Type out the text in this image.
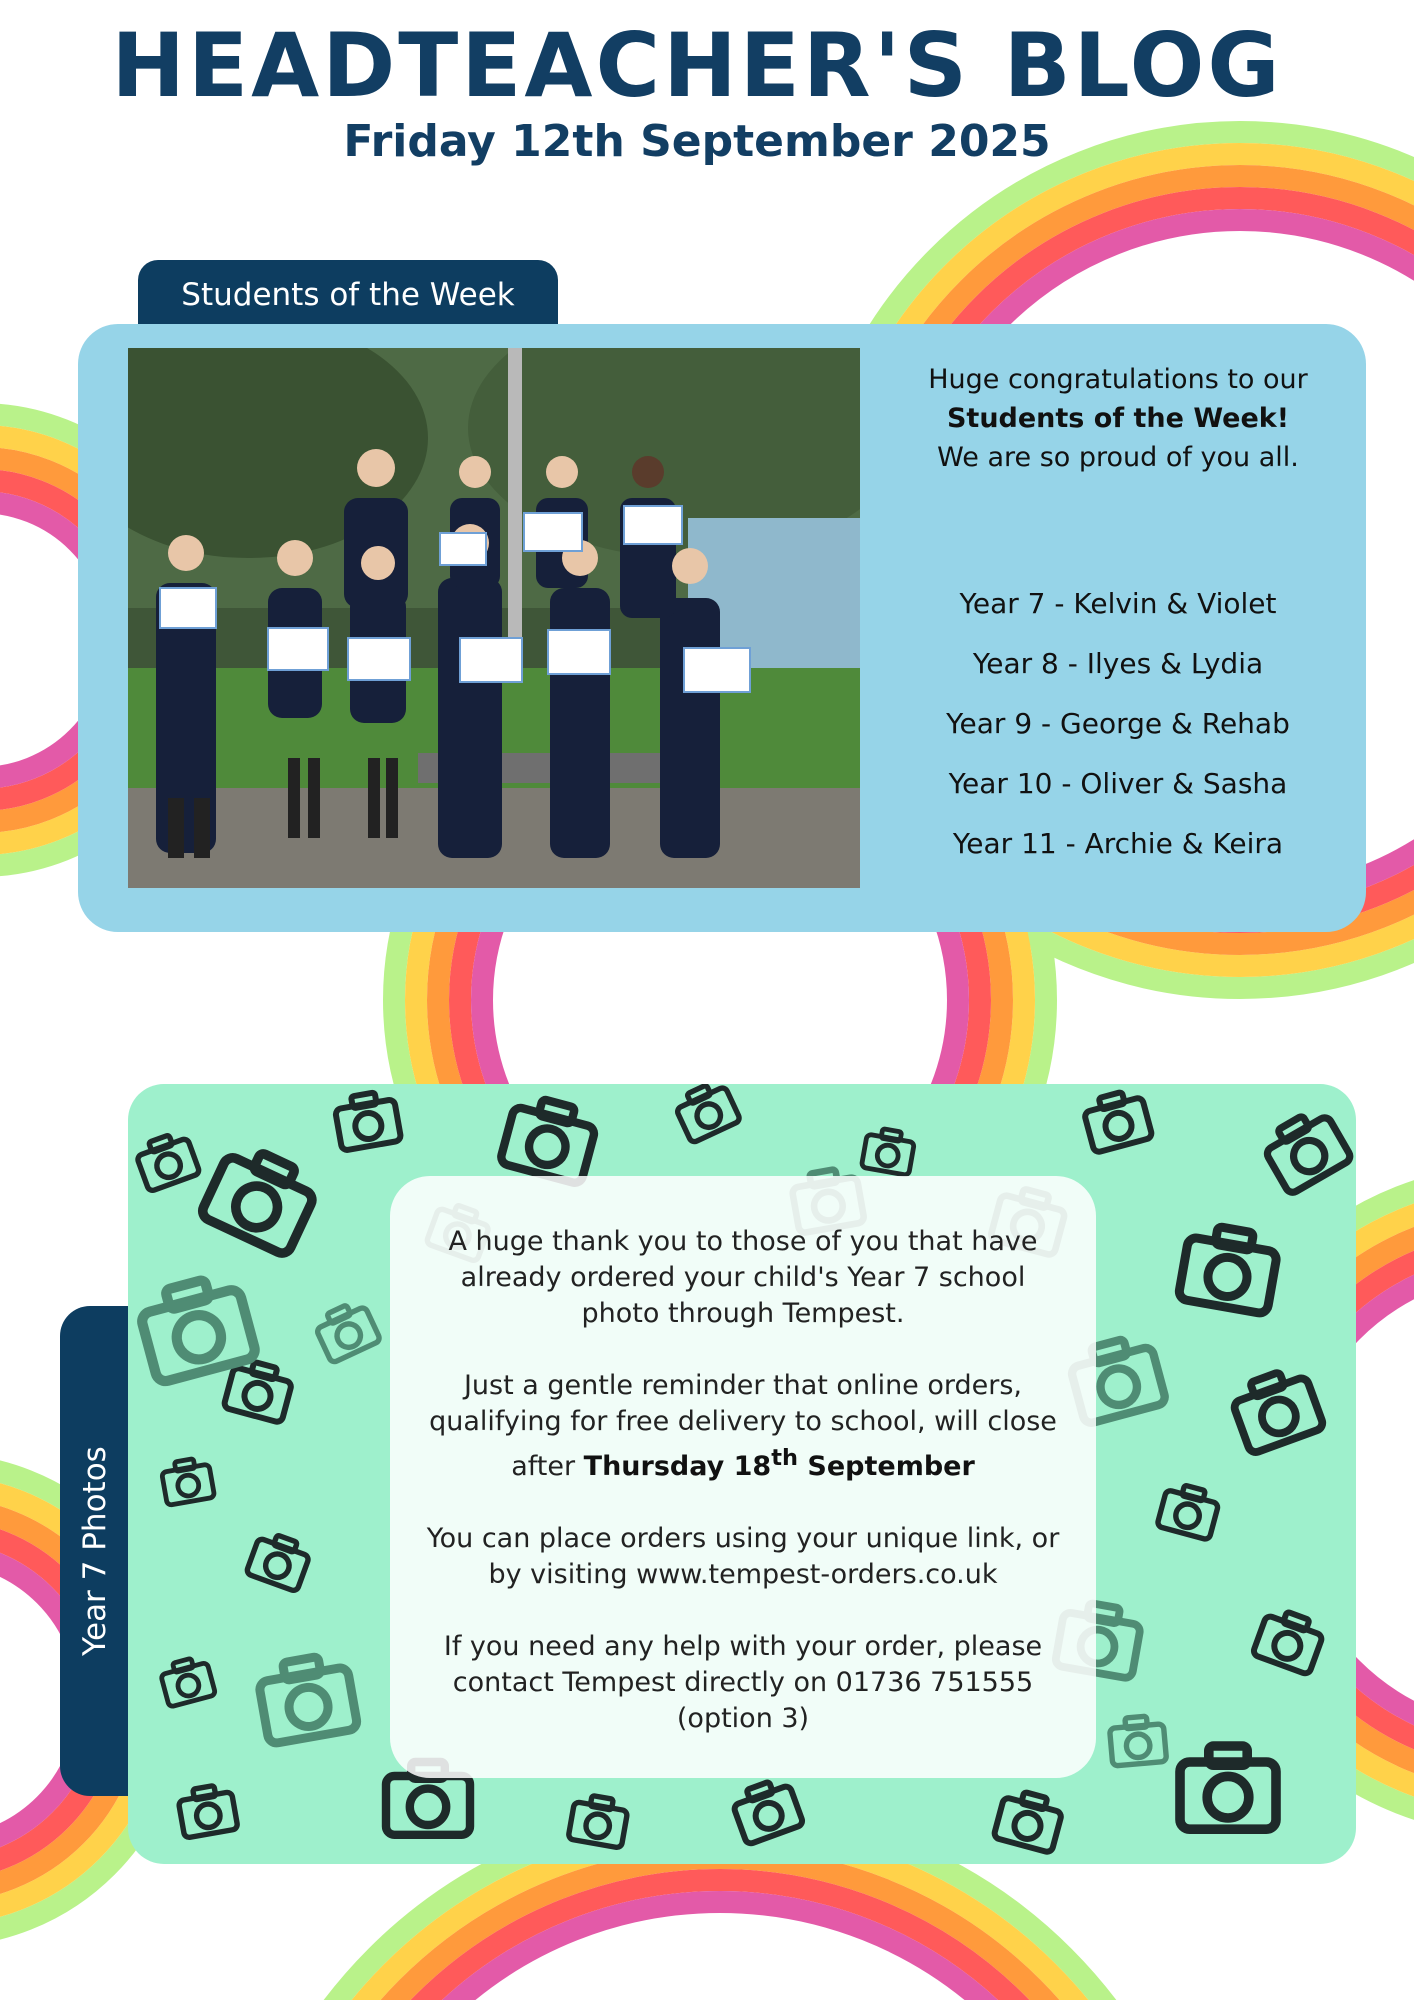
HEADTEACHER'S BLOG
Friday 12th September 2025
Students of the Week
Huge congratulations to our
Students of the Week!
We are so proud of you all.
Year 7 - Kelvin & Violet
Year 8 - Ilyes & Lydia
Year 9 - George & Rehab
Year 10 - Oliver & Sasha
Year 11 - Archie & Keira
Year 7 Photos
A huge thank you to those of you that have
already ordered your child's Year 7 school
photo through Tempest.
Just a gentle reminder that online orders,
qualifying for free delivery to school, will close
after Thursday 18th September
You can place orders using your unique link, or
by visiting www.tempest-orders.co.uk
If you need any help with your order, please
contact Tempest directly on 01736 751555
(option 3)
